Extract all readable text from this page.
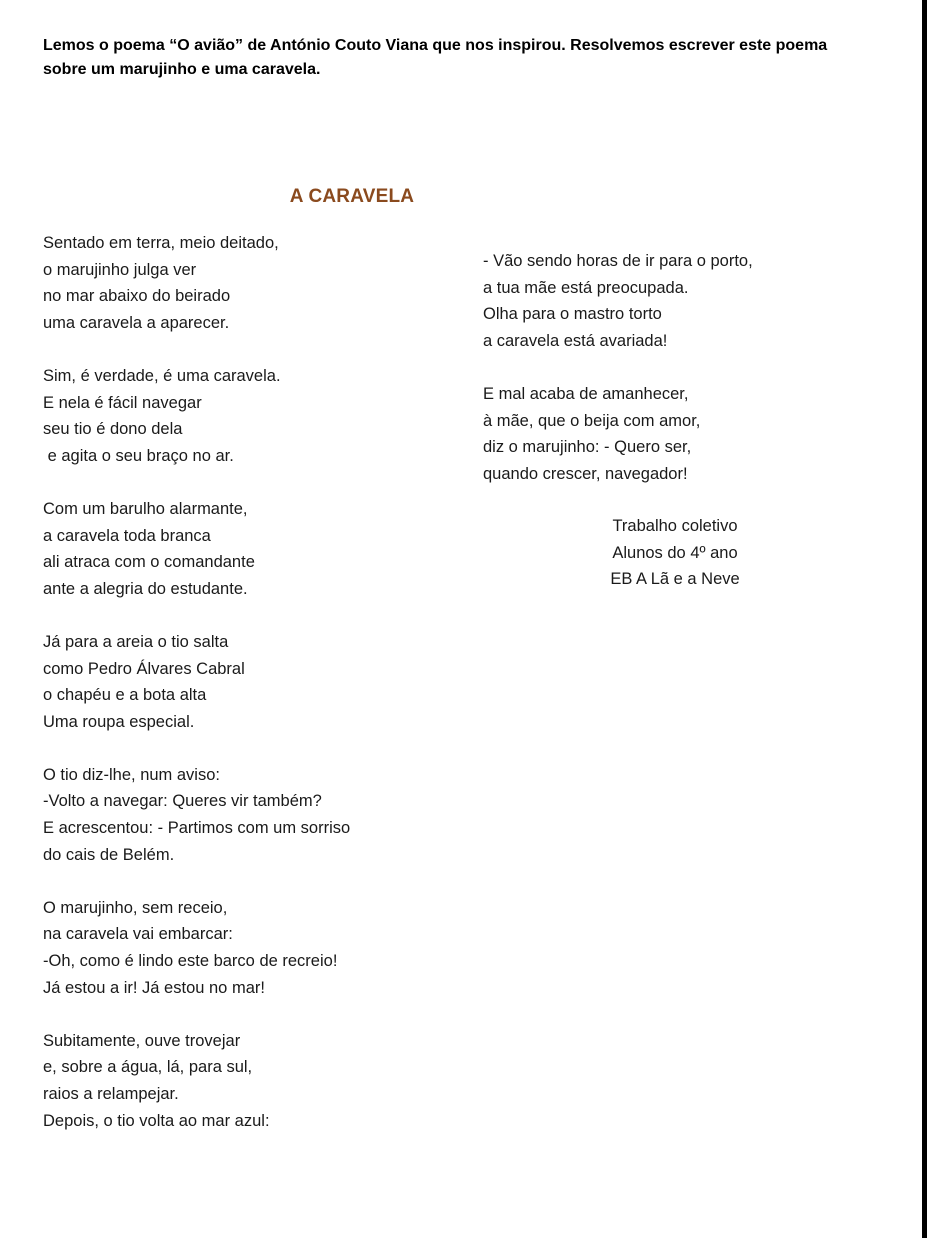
Lemos o poema “O avião” de António Couto Viana que nos inspirou. Resolvemos escrever este poema sobre um marujinho e uma caravela.
A CARAVELA
Sentado em terra, meio deitado,
o marujinho julga ver
no mar abaixo do beirado
uma caravela a aparecer.
Sim, é verdade, é uma caravela.
E nela é fácil navegar
seu tio é dono dela
e agita o seu braço no ar.
Com um barulho alarmante,
a caravela toda branca
ali atraca com o comandante
ante a alegria do estudante.
Já para a areia o tio salta
como Pedro Álvares Cabral
o chapéu e a bota alta
Uma roupa especial.
O tio diz-lhe, num aviso:
-Volto a navegar: Queres vir também?
E acrescentou: - Partimos com um sorriso
do cais de Belém.
O marujinho, sem receio,
na caravela vai embarcar:
-Oh, como é lindo este barco de recreio!
Já estou a ir! Já estou no mar!
Subitamente, ouve trovejar
e, sobre a água, lá, para sul,
raios a relampejar.
Depois, o tio volta ao mar azul:
- Vão sendo horas de ir para o porto,
a tua mãe está preocupada.
Olha para o mastro torto
a caravela está avariada!
E mal acaba de amanhecer,
à mãe, que o beija com amor,
diz o marujinho: - Quero ser,
quando crescer, navegador!
Trabalho coletivo
Alunos do 4º ano
EB A Lã e a Neve
